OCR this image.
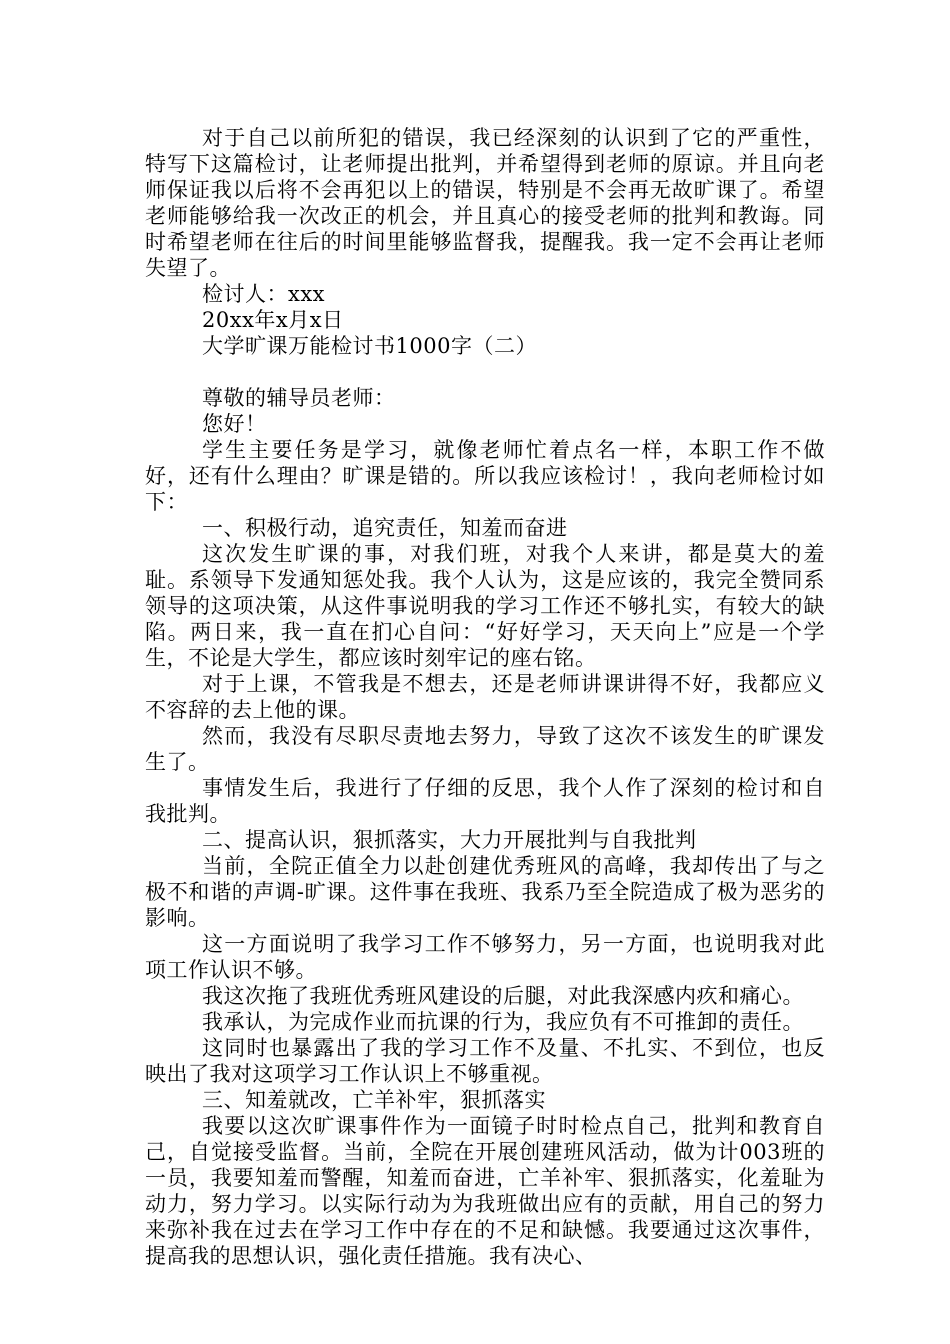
对于自己以前所犯的错误，我已经深刻的认识到了它的严重性，特写下这篇检讨，让老师提出批判，并希望得到老师的原谅。并且向老师保证我以后将不会再犯以上的错误，特别是不会再无故旷课了。希望老师能够给我一次改正的机会，并且真心的接受老师的批判和教诲。同时希望老师在往后的时间里能够监督我，提醒我。我一定不会再让老师失望了。

检讨人：xxx

20xx年x月x日

大学旷课万能检讨书1000字（二）

尊敬的辅导员老师：

您好！

学生主要任务是学习，就像老师忙着点名一样，本职工作不做好，还有什么理由？旷课是错的。所以我应该检讨！，我向老师检讨如下：

一、积极行动，追究责任，知羞而奋进

这次发生旷课的事，对我们班，对我个人来讲，都是莫大的羞耻。系领导下发通知惩处我。我个人认为，这是应该的，我完全赞同系领导的这项决策，从这件事说明我的学习工作还不够扎实，有较大的缺陷。两日来，我一直在扪心自问：“好好学习，天天向上”应是一个学生，不论是大学生，都应该时刻牢记的座右铭。

对于上课，不管我是不想去，还是老师讲课讲得不好，我都应义不容辞的去上他的课。

然而，我没有尽职尽责地去努力，导致了这次不该发生的旷课发生了。

事情发生后，我进行了仔细的反思，我个人作了深刻的检讨和自我批判。

二、提高认识，狠抓落实，大力开展批判与自我批判

当前，全院正值全力以赴创建优秀班风的高峰，我却传出了与之极不和谐的声调-旷课。这件事在我班、我系乃至全院造成了极为恶劣的影响。

这一方面说明了我学习工作不够努力，另一方面，也说明我对此项工作认识不够。

我这次拖了我班优秀班风建设的后腿，对此我深感内疚和痛心。

我承认，为完成作业而抗课的行为，我应负有不可推卸的责任。

这同时也暴露出了我的学习工作不及量、不扎实、不到位，也反映出了我对这项学习工作认识上不够重视。

三、知羞就改，亡羊补牢，狠抓落实

我要以这次旷课事件作为一面镜子时时检点自己，批判和教育自己，自觉接受监督。当前，全院在开展创建班风活动，做为计003班的一员，我要知羞而警醒，知羞而奋进，亡羊补牢、狠抓落实，化羞耻为动力，努力学习。以实际行动为为我班做出应有的贡献，用自己的努力来弥补我在过去在学习工作中存在的不足和缺憾。我要通过这次事件，提高我的思想认识，强化责任措施。我有决心、
